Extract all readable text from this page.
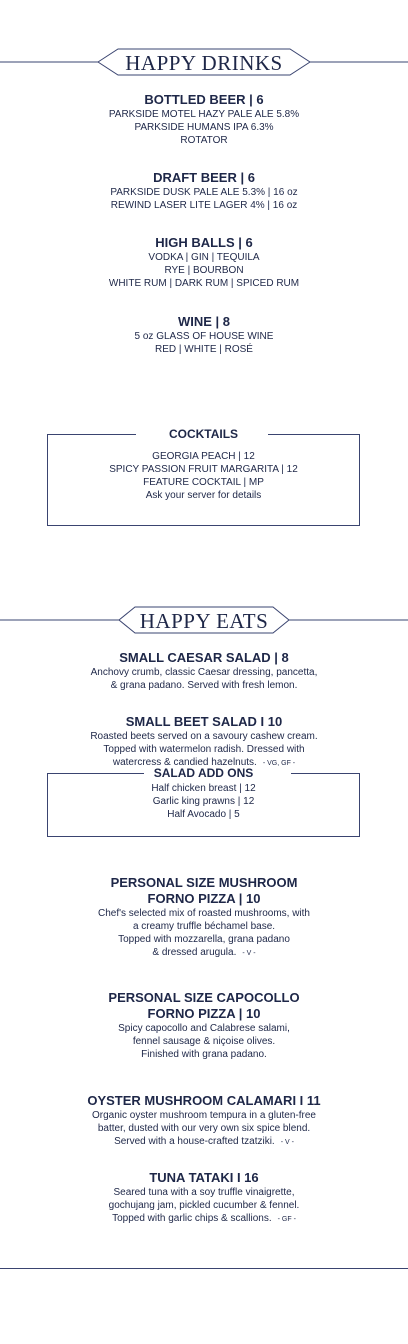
HAPPY DRINKS
BOTTLED BEER | 6
PARKSIDE MOTEL HAZY PALE ALE 5.8%
PARKSIDE HUMANS IPA 6.3%
ROTATOR
DRAFT BEER | 6
PARKSIDE DUSK PALE ALE 5.3% | 16 oz
REWIND LASER LITE LAGER 4% | 16 oz
HIGH BALLS | 6
VODKA | GIN | TEQUILA
RYE | BOURBON
WHITE RUM | DARK RUM | SPICED RUM
WINE | 8
5 oz GLASS OF HOUSE WINE
RED | WHITE | ROSÉ
COCKTAILS
GEORGIA PEACH | 12
SPICY PASSION FRUIT MARGARITA | 12
FEATURE COCKTAIL | MP
Ask your server for details
HAPPY EATS
SMALL CAESAR SALAD | 8
Anchovy crumb, classic Caesar dressing, pancetta,
& grana padano. Served with fresh lemon.
SMALL BEET SALAD I 10
Roasted beets served on a savoury cashew cream.
Topped with watermelon radish. Dressed with
watercress & candied hazelnuts. - VG, GF -
SALAD ADD ONS
Half chicken breast | 12
Garlic king prawns | 12
Half Avocado | 5
PERSONAL SIZE MUSHROOM
FORNO PIZZA | 10
Chef's selected mix of roasted mushrooms, with
a creamy truffle béchamel base.
Topped with mozzarella, grana padano
& dressed arugula. - V -
PERSONAL SIZE CAPOCOLLO
FORNO PIZZA | 10
Spicy capocollo and Calabrese salami,
fennel sausage & niçoise olives.
Finished with grana padano.
OYSTER MUSHROOM CALAMARI I 11
Organic oyster mushroom tempura in a gluten-free
batter, dusted with our very own six spice blend.
Served with a house-crafted tzatziki. - V -
TUNA TATAKI I 16
Seared tuna with a soy truffle vinaigrette,
gochujang jam, pickled cucumber & fennel.
Topped with garlic chips & scallions. - GF -
